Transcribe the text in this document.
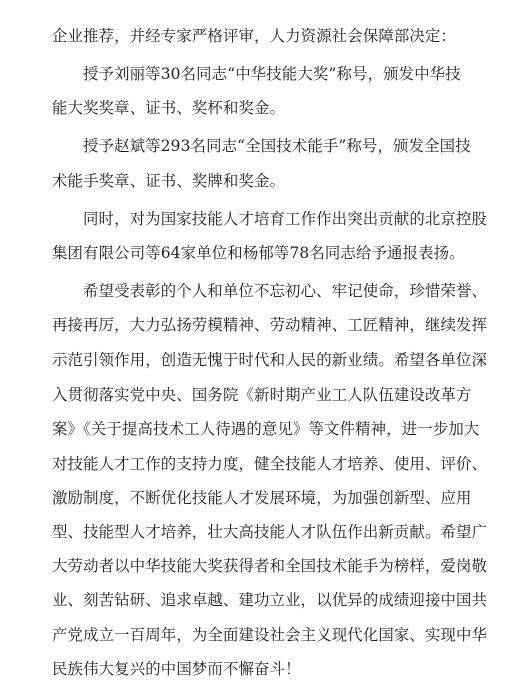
企业推荐，并经专家严格评审，人力资源社会保障部决定：
授予刘丽等30名同志“中华技能大奖”称号，颁发中华技
能大奖奖章、证书、奖杯和奖金。
授予赵斌等293名同志“全国技术能手”称号，颁发全国技
术能手奖章、证书、奖牌和奖金。
同时，对为国家技能人才培育工作作出突出贡献的北京控股
集团有限公司等64家单位和杨郁等78名同志给予通报表扬。
希望受表彰的个人和单位不忘初心、牢记使命，珍惜荣誉、
再接再厉，大力弘扬劳模精神、劳动精神、工匠精神，继续发挥
示范引领作用，创造无愧于时代和人民的新业绩。希望各单位深
入贯彻落实党中央、国务院《新时期产业工人队伍建设改革方
案》《关于提高技术工人待遇的意见》等文件精神，进一步加大
对技能人才工作的支持力度，健全技能人才培养、使用、评价、
激励制度，不断优化技能人才发展环境，为加强创新型、应用
型、技能型人才培养，壮大高技能人才队伍作出新贡献。希望广
大劳动者以中华技能大奖获得者和全国技术能手为榜样，爱岗敬
业、刻苦钻研、追求卓越、建功立业，以优异的成绩迎接中国共
产党成立一百周年，为全面建设社会主义现代化国家、实现中华
民族伟大复兴的中国梦而不懈奋斗！
